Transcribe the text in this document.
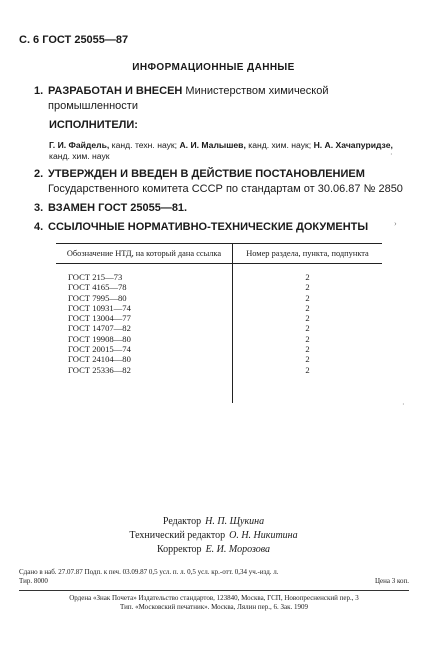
С. 6 ГОСТ 25055—87
ИНФОРМАЦИОННЫЕ ДАННЫЕ
1. РАЗРАБОТАН И ВНЕСЕН Министерством химической промышленности
ИСПОЛНИТЕЛИ:
Г. И. Файдель, канд. техн. наук; А. И. Малышев, канд. хим. наук; Н. А. Хачапуридзе, канд. хим. наук
2. УТВЕРЖДЕН И ВВЕДЕН В ДЕЙСТВИЕ ПОСТАНОВЛЕНИЕМ Государственного комитета СССР по стандартам от 30.06.87 № 2850
3. ВЗАМЕН ГОСТ 25055—81.
4. ССЫЛОЧНЫЕ НОРМАТИВНО-ТЕХНИЧЕСКИЕ ДОКУМЕНТЫ
Обозначение НТД, на который дана ссылка	Номер раздела, пункта, подпункта
ГОСТ 215—73	2
ГОСТ 4165—78	2
ГОСТ 7995—80	2
ГОСТ 10931—74	2
ГОСТ 13004—77	2
ГОСТ 14707—82	2
ГОСТ 19908—80	2
ГОСТ 20015—74	2
ГОСТ 24104—80	2
ГОСТ 25336—82	2
Редактор Н. П. Щукина
Технический редактор О. Н. Никитина
Корректор Е. И. Морозова
Сдано в наб. 27.07.87 Подп. к печ. 03.09.87 0,5 усл. п. л. 0,5 усл. кр.-отт. 0,34 уч.-изд. л.
Тир. 8000	Цена 3 коп.
Ордена «Знак Почета» Издательство стандартов, 123840, Москва, ГСП, Новопресненский пер., 3
Тип. «Московский печатник». Москва, Лялин пер., 6. Зак. 1909
·
›
·
